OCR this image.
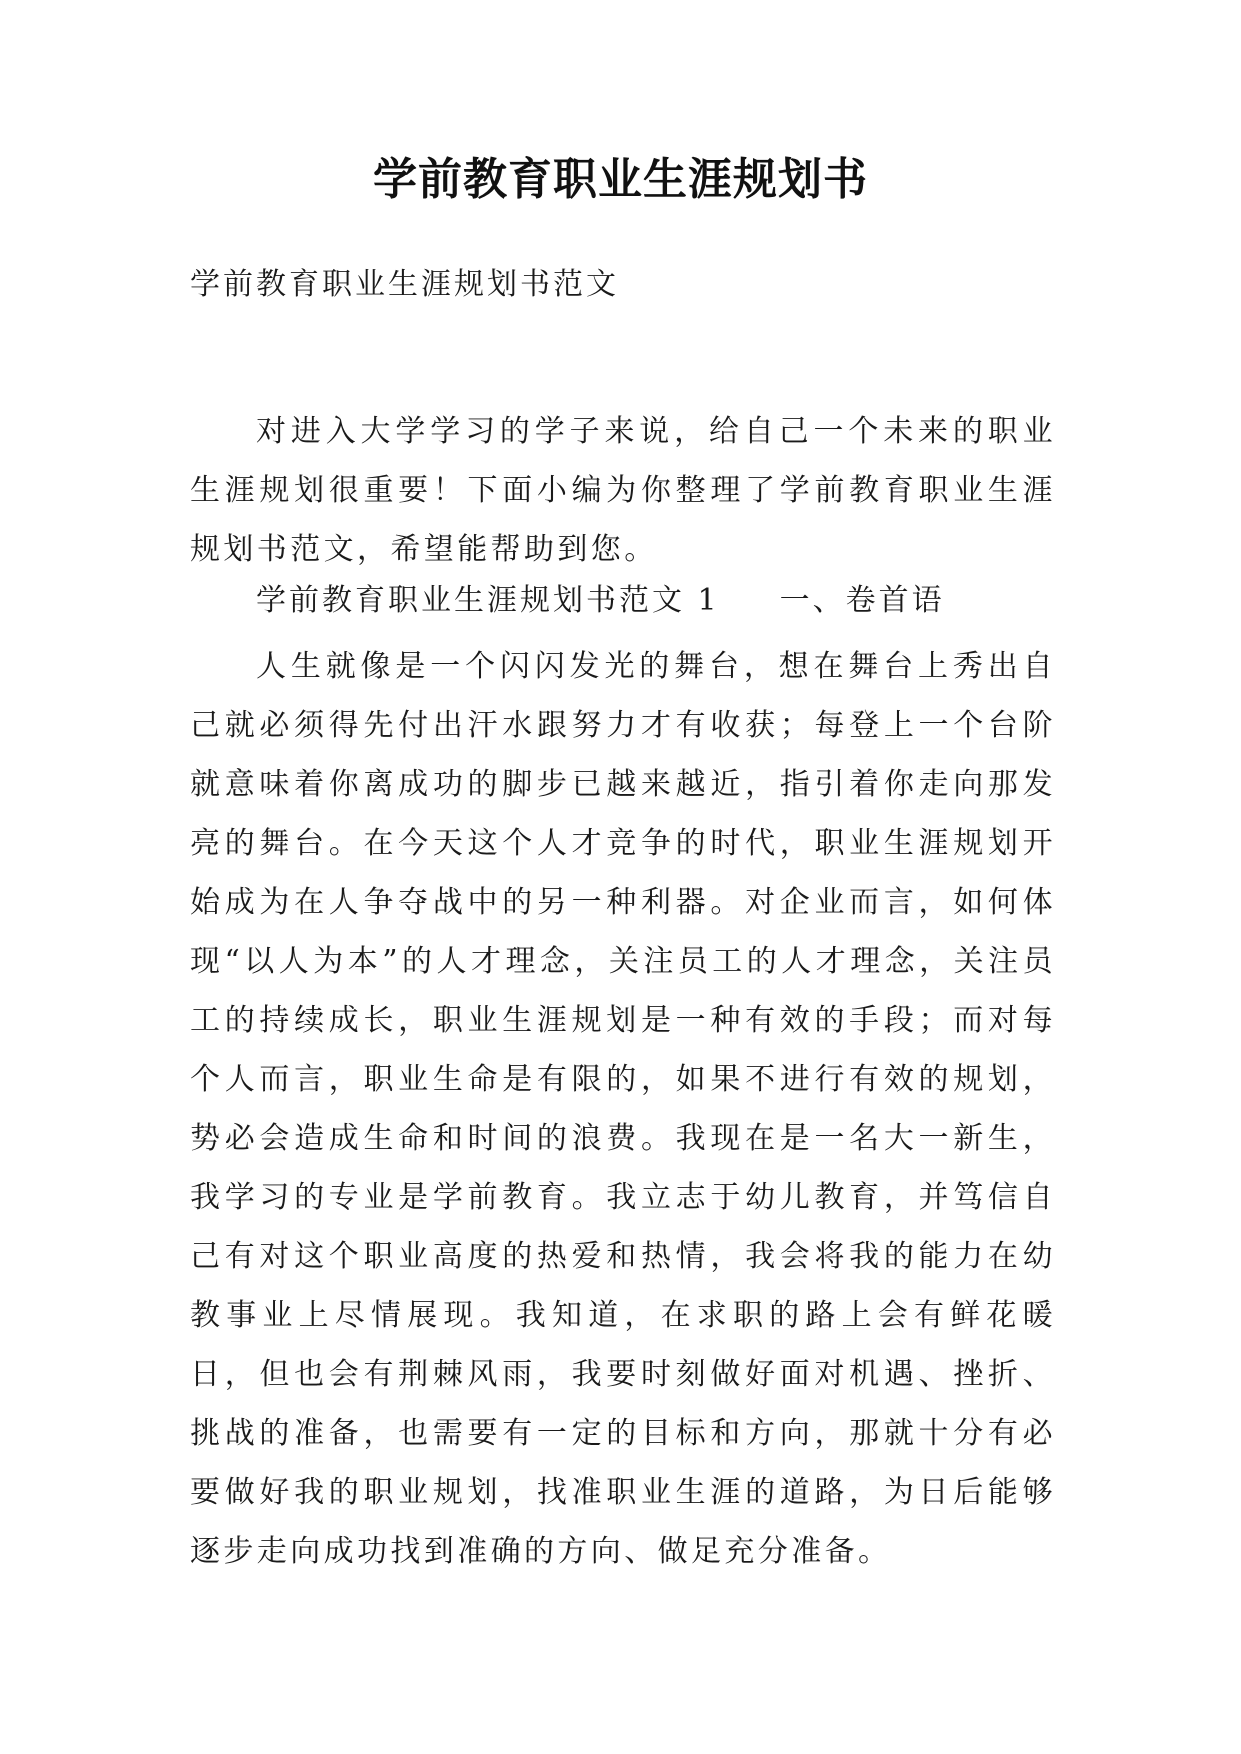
学前教育职业生涯规划书
学前教育职业生涯规划书范文

对进入大学学习的学子来说，给自己一个未来的职业生涯规划很重要！下面小编为你整理了学前教育职业生涯规划书范文，希望能帮助到您。

学前教育职业生涯规划书范文 1 一、卷首语

人生就像是一个闪闪发光的舞台，想在舞台上秀出自己就必须得先付出汗水跟努力才有收获；每登上一个台阶就意味着你离成功的脚步已越来越近，指引着你走向那发亮的舞台。在今天这个人才竞争的时代，职业生涯规划开始成为在人争夺战中的另一种利器。对企业而言，如何体现“以人为本”的人才理念，关注员工的人才理念，关注员工的持续成长，职业生涯规划是一种有效的手段；而对每个人而言，职业生命是有限的，如果不进行有效的规划，势必会造成生命和时间的浪费。我现在是一名大一新生，我学习的专业是学前教育。我立志于幼儿教育，并笃信自己有对这个职业高度的热爱和热情，我会将我的能力在幼教事业上尽情展现。我知道，在求职的路上会有鲜花暖日，但也会有荆棘风雨，我要时刻做好面对机遇、挫折、挑战的准备，也需要有一定的目标和方向，那就十分有必要做好我的职业规划，找准职业生涯的道路，为日后能够逐步走向成功找到准确的方向、做足充分准备。
